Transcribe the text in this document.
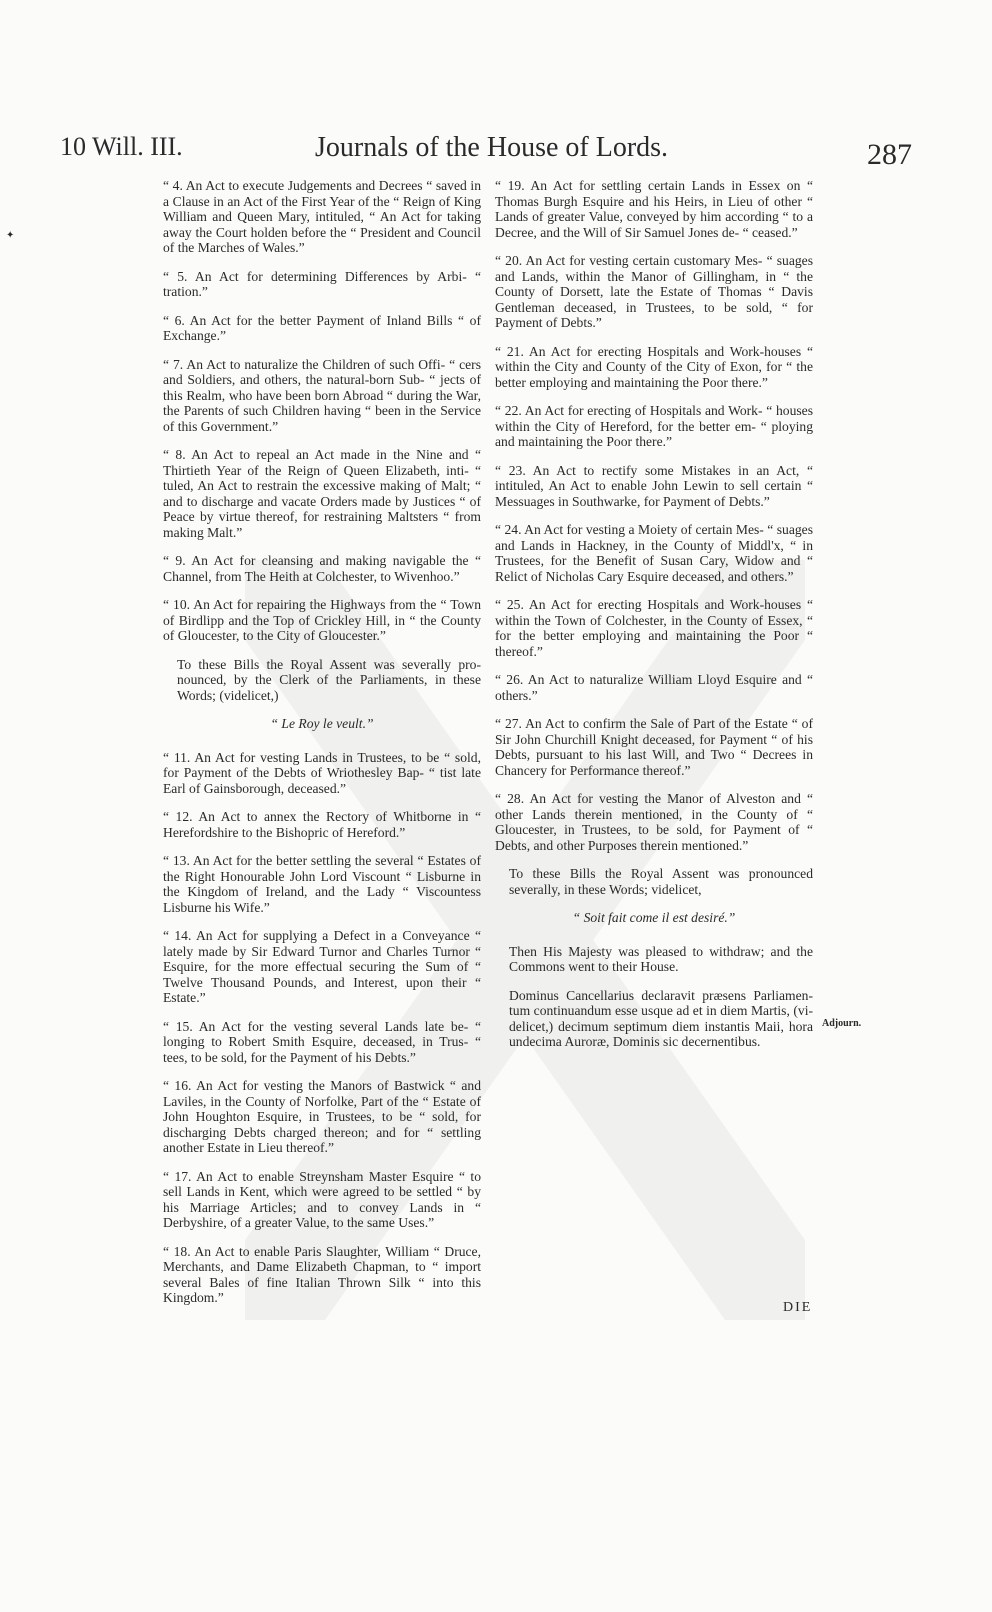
10 Will. III.	Journals of the House of Lords.	287
✦

“ 4. An Act to execute Judgements and Decrees “ saved in a Clause in an Act of the First Year of the “ Reign of King William and Queen Mary, intituled, “ An Act for taking away the Court holden before the “ President and Council of the Marches of Wales.”

“ 5. An Act for determining Differences by Arbi- “ tration.”

“ 6. An Act for the better Payment of Inland Bills “ of Exchange.”

“ 7. An Act to naturalize the Children of such Offi- “ cers and Soldiers, and others, the natural-born Sub- “ jects of this Realm, who have been born Abroad “ during the War, the Parents of such Children having “ been in the Service of this Government.”

“ 8. An Act to repeal an Act made in the Nine and “ Thirtieth Year of the Reign of Queen Elizabeth, inti- “ tuled, An Act to restrain the excessive making of Malt; “ and to discharge and vacate Orders made by Justices “ of Peace by virtue thereof, for restraining Maltsters “ from making Malt.”

“ 9. An Act for cleansing and making navigable the “ Channel, from The Heith at Colchester, to Wivenhoo.”

“ 10. An Act for repairing the Highways from the “ Town of Birdlipp and the Top of Crickley Hill, in “ the County of Gloucester, to the City of Gloucester.”

To these Bills the Royal Assent was severally pro- nounced, by the Clerk of the Parliaments, in these Words; (videlicet,)

“ Le Roy le veult.”

“ 11. An Act for vesting Lands in Trustees, to be “ sold, for Payment of the Debts of Wriothesley Bap- “ tist late Earl of Gainsborough, deceased.”

“ 12. An Act to annex the Rectory of Whitborne in “ Herefordshire to the Bishopric of Hereford.”

“ 13. An Act for the better settling the several “ Estates of the Right Honourable John Lord Viscount “ Lisburne in the Kingdom of Ireland, and the Lady “ Viscountess Lisburne his Wife.”

“ 14. An Act for supplying a Defect in a Conveyance “ lately made by Sir Edward Turnor and Charles Turnor “ Esquire, for the more effectual securing the Sum of “ Twelve Thousand Pounds, and Interest, upon their “ Estate.”

“ 15. An Act for the vesting several Lands late be- “ longing to Robert Smith Esquire, deceased, in Trus- “ tees, to be sold, for the Payment of his Debts.”

“ 16. An Act for vesting the Manors of Bastwick “ and Laviles, in the County of Norfolke, Part of the “ Estate of John Houghton Esquire, in Trustees, to be “ sold, for discharging Debts charged thereon; and for “ settling another Estate in Lieu thereof.”

“ 17. An Act to enable Streynsham Master Esquire “ to sell Lands in Kent, which were agreed to be settled “ by his Marriage Articles; and to convey Lands in “ Derbyshire, of a greater Value, to the same Uses.”

“ 18. An Act to enable Paris Slaughter, William “ Druce, Merchants, and Dame Elizabeth Chapman, to “ import several Bales of fine Italian Thrown Silk “ into this Kingdom.”

“ 19. An Act for settling certain Lands in Essex on “ Thomas Burgh Esquire and his Heirs, in Lieu of other “ Lands of greater Value, conveyed by him according “ to a Decree, and the Will of Sir Samuel Jones de- “ ceased.”

“ 20. An Act for vesting certain customary Mes- “ suages and Lands, within the Manor of Gillingham, in “ the County of Dorsett, late the Estate of Thomas “ Davis Gentleman deceased, in Trustees, to be sold, “ for Payment of Debts.”

“ 21. An Act for erecting Hospitals and Work-houses “ within the City and County of the City of Exon, for “ the better employing and maintaining the Poor there.”

“ 22. An Act for erecting of Hospitals and Work- “ houses within the City of Hereford, for the better em- “ ploying and maintaining the Poor there.”

“ 23. An Act to rectify some Mistakes in an Act, “ intituled, An Act to enable John Lewin to sell certain “ Messuages in Southwarke, for Payment of Debts.”

“ 24. An Act for vesting a Moiety of certain Mes- “ suages and Lands in Hackney, in the County of Middl'x, “ in Trustees, for the Benefit of Susan Cary, Widow and “ Relict of Nicholas Cary Esquire deceased, and others.”

“ 25. An Act for erecting Hospitals and Work-houses “ within the Town of Colchester, in the County of Essex, “ for the better employing and maintaining the Poor “ thereof.”

“ 26. An Act to naturalize William Lloyd Esquire and “ others.”

“ 27. An Act to confirm the Sale of Part of the Estate “ of Sir John Churchill Knight deceased, for Payment “ of his Debts, pursuant to his last Will, and Two “ Decrees in Chancery for Performance thereof.”

“ 28. An Act for vesting the Manor of Alveston and “ other Lands therein mentioned, in the County of “ Gloucester, in Trustees, to be sold, for Payment of “ Debts, and other Purposes therein mentioned.”

To these Bills the Royal Assent was pronounced severally, in these Words; videlicet,

“ Soit fait come il est desiré.”

Then His Majesty was pleased to withdraw; and the Commons went to their House.

Dominus Cancellarius declaravit præsens Parliamen- tum continuandum esse usque ad et in diem Martis, (vi- delicet,) decimum septimum diem instantis Maii, hora undecima Auroræ, Dominis sic decernentibus.

Adjourn.
DIE
